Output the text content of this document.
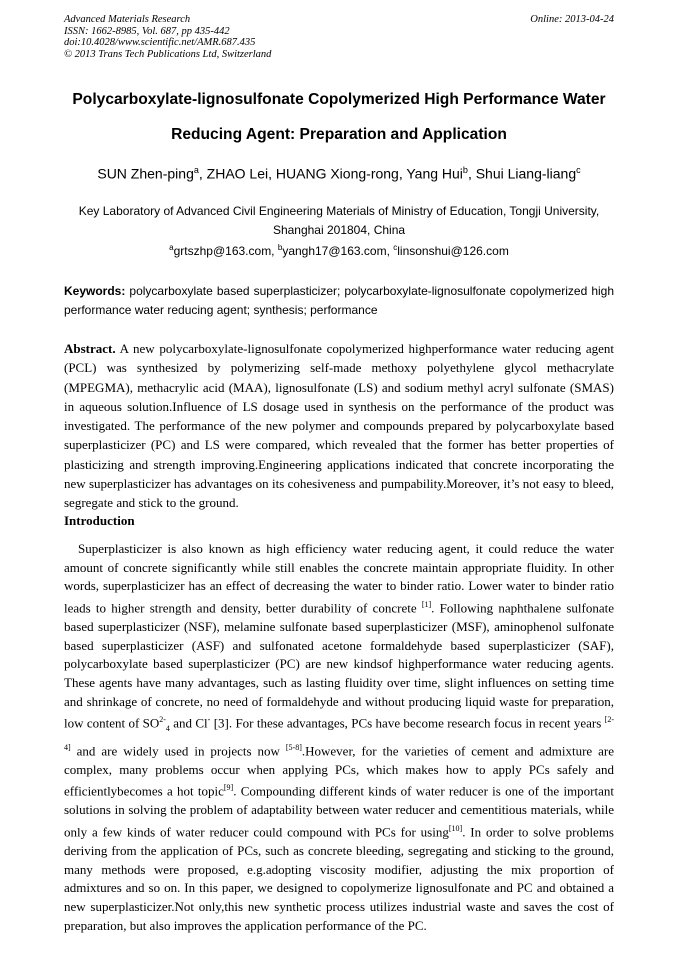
Advanced Materials Research
ISSN: 1662-8985, Vol. 687, pp 435-442
doi:10.4028/www.scientific.net/AMR.687.435
© 2013 Trans Tech Publications Ltd, Switzerland
Online: 2013-04-24
Polycarboxylate-lignosulfonate Copolymerized High Performance Water
Reducing Agent: Preparation and Application
SUN Zhen-ping$^a$, ZHAO Lei, HUANG Xiong-rong, Yang Hui$^b$, Shui Liang-liang$^c$
Key Laboratory of Advanced Civil Engineering Materials of Ministry of Education, Tongji University,
Shanghai 201804, China
$^a$grtszhp@163.com, $^b$yangh17@163.com, $^c$linsonshui@126.com
Keywords: polycarboxylate based superplasticizer; polycarboxylate-lignosulfonate copolymerized high performance water reducing agent; synthesis; performance
Abstract. A new polycarboxylate-lignosulfonate copolymerized highperformance water reducing agent (PCL) was synthesized by polymerizing self-made methoxy polyethylene glycol methacrylate (MPEGMA), methacrylic acid (MAA), lignosulfonate (LS) and sodium methyl acryl sulfonate (SMAS) in aqueous solution.Influence of LS dosage used in synthesis on the performance of the product was investigated. The performance of the new polymer and compounds prepared by polycarboxylate based superplasticizer (PC) and LS were compared, which revealed that the former has better properties of plasticizing and strength improving.Engineering applications indicated that concrete incorporating the new superplasticizer has advantages on its cohesiveness and pumpability.Moreover, it’s not easy to bleed, segregate and stick to the ground.
Introduction
Superplasticizer is also known as high efficiency water reducing agent, it could reduce the water amount of concrete significantly while still enables the concrete maintain appropriate fluidity. In other words, superplasticizer has an effect of decreasing the water to binder ratio. Lower water to binder ratio leads to higher strength and density, better durability of concrete [1]. Following naphthalene sulfonate based superplasticizer (NSF), melamine sulfonate based superplasticizer (MSF), aminophenol sulfonate based superplasticizer (ASF) and sulfonated acetone formaldehyde based superplasticizer (SAF), polycarboxylate based superplasticizer (PC) are new kindsof highperformance water reducing agents. These agents have many advantages, such as lasting fluidity over time, slight influences on setting time and shrinkage of concrete, no need of formaldehyde and without producing liquid waste for preparation, low content of $SO^{2-}_4$ and Cl- [3]. For these advantages, PCs have become research focus in recent years [2-4] and are widely used in projects now [5-8].However, for the varieties of cement and admixture are complex, many problems occur when applying PCs, which makes how to apply PCs safely and efficientlybecomes a hot topic[9]. Compounding different kinds of water reducer is one of the important solutions in solving the problem of adaptability between water reducer and cementitious materials, while only a few kinds of water reducer could compound with PCs for using[10]. In order to solve problems deriving from the application of PCs, such as concrete bleeding, segregating and sticking to the ground, many methods were proposed, e.g.adopting viscosity modifier, adjusting the mix proportion of admixtures and so on. In this paper, we designed to copolymerize lignosulfonate and PC and obtained a new superplasticizer.Not only,this new synthetic process utilizes industrial waste and saves the cost of preparation, but also improves the application performance of the PC.
